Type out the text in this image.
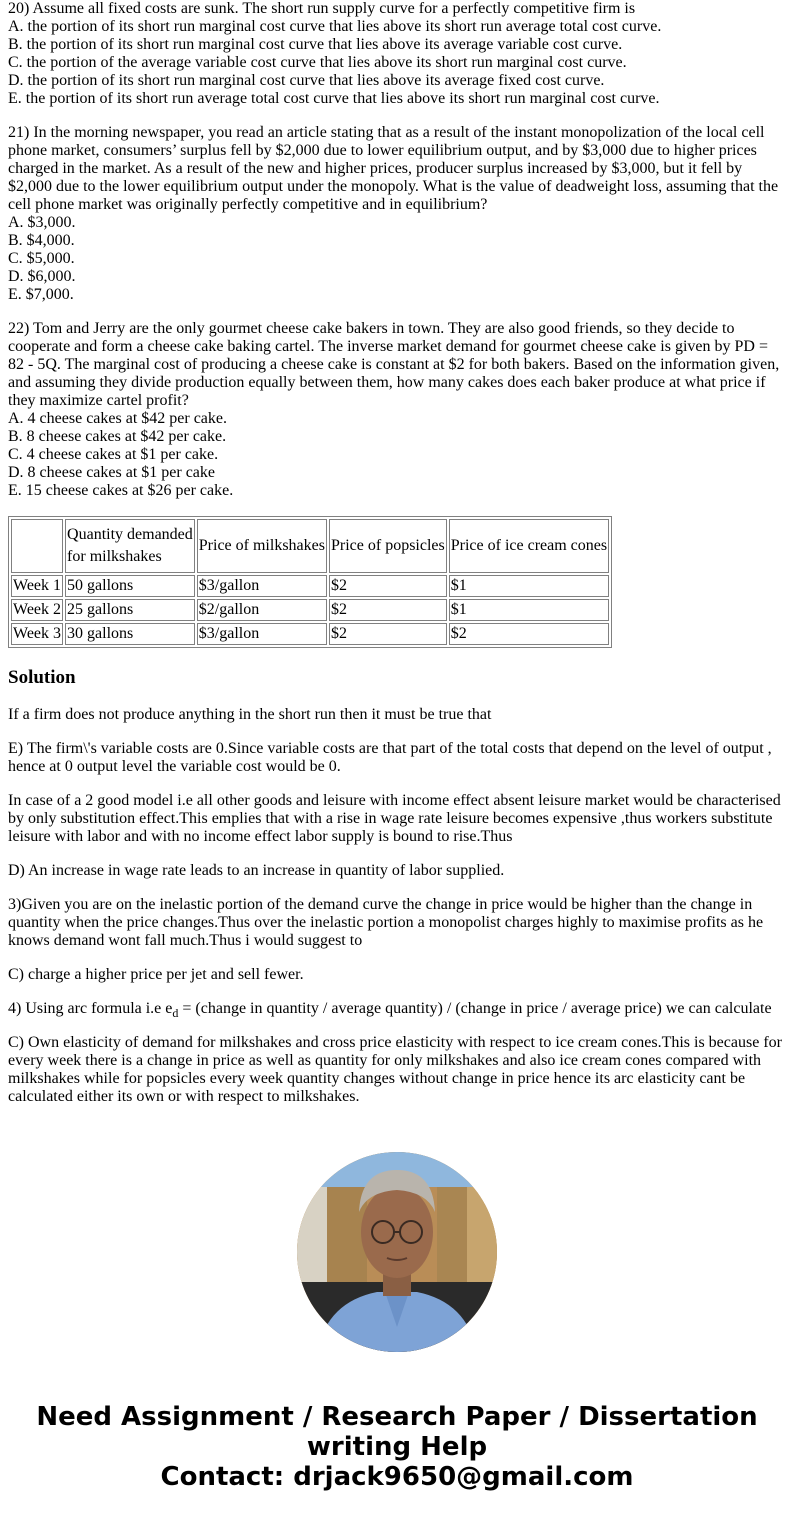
20) Assume all fixed costs are sunk. The short run supply curve for a perfectly competitive firm is
A. the portion of its short run marginal cost curve that lies above its short run average total cost curve.
B. the portion of its short run marginal cost curve that lies above its average variable cost curve.
C. the portion of the average variable cost curve that lies above its short run marginal cost curve.
D. the portion of its short run marginal cost curve that lies above its average fixed cost curve.
E. the portion of its short run average total cost curve that lies above its short run marginal cost curve.
21) In the morning newspaper, you read an article stating that as a result of the instant monopolization of the local cell phone market, consumers’ surplus fell by $2,000 due to lower equilibrium output, and by $3,000 due to higher prices charged in the market. As a result of the new and higher prices, producer surplus increased by $3,000, but it fell by $2,000 due to the lower equilibrium output under the monopoly. What is the value of deadweight loss, assuming that the cell phone market was originally perfectly competitive and in equilibrium?
A. $3,000.
B. $4,000.
C. $5,000.
D. $6,000.
E. $7,000.
22) Tom and Jerry are the only gourmet cheese cake bakers in town. They are also good friends, so they decide to cooperate and form a cheese cake baking cartel. The inverse market demand for gourmet cheese cake is given by PD = 82 - 5Q. The marginal cost of producing a cheese cake is constant at $2 for both bakers. Based on the information given, and assuming they divide production equally between them, how many cakes does each baker produce at what price if they maximize cartel profit?
A. 4 cheese cakes at $42 per cake.
B. 8 cheese cakes at $42 per cake.
C. 4 cheese cakes at $1 per cake.
D. 8 cheese cakes at $1 per cake
E. 15 cheese cakes at $26 per cake.

	Quantity demanded
for milkshakes	Price of milkshakes	Price of popsicles	Price of ice cream cones
Week 1	50 gallons	$3/gallon	$2	$1
Week 2	25 gallons	$2/gallon	$2	$1
Week 3	30 gallons	$3/gallon	$2	$2
Solution

If a firm does not produce anything in the short run then it must be true that

E) The firm\'s variable costs are 0.Since variable costs are that part of the total costs that depend on the level of output , hence at 0 output level the variable cost would be 0.

In case of a 2 good model i.e all other goods and leisure with income effect absent leisure market would be characterised by only substitution effect.This emplies that with a rise in wage rate leisure becomes expensive ,thus workers substitute leisure with labor and with no income effect labor supply is bound to rise.Thus

D) An increase in wage rate leads to an increase in quantity of labor supplied.

3)Given you are on the inelastic portion of the demand curve the change in price would be higher than the change in quantity when the price changes.Thus over the inelastic portion a monopolist charges highly to maximise profits as he knows demand wont fall much.Thus i would suggest to

C) charge a higher price per jet and sell fewer.

4) Using arc formula i.e $e_d$ = (change in quantity / average quantity) / (change in price / average price) we can calculate

C) Own elasticity of demand for milkshakes and cross price elasticity with respect to ice cream cones.This is because for every week there is a change in price as well as quantity for only milkshakes and also ice cream cones compared with milkshakes while for popsicles every week quantity changes without change in price hence its arc elasticity cant be calculated either its own or with respect to milkshakes.

Need Assignment / Research Paper / Dissertation
writing Help
Contact: drjack9650@gmail.com
